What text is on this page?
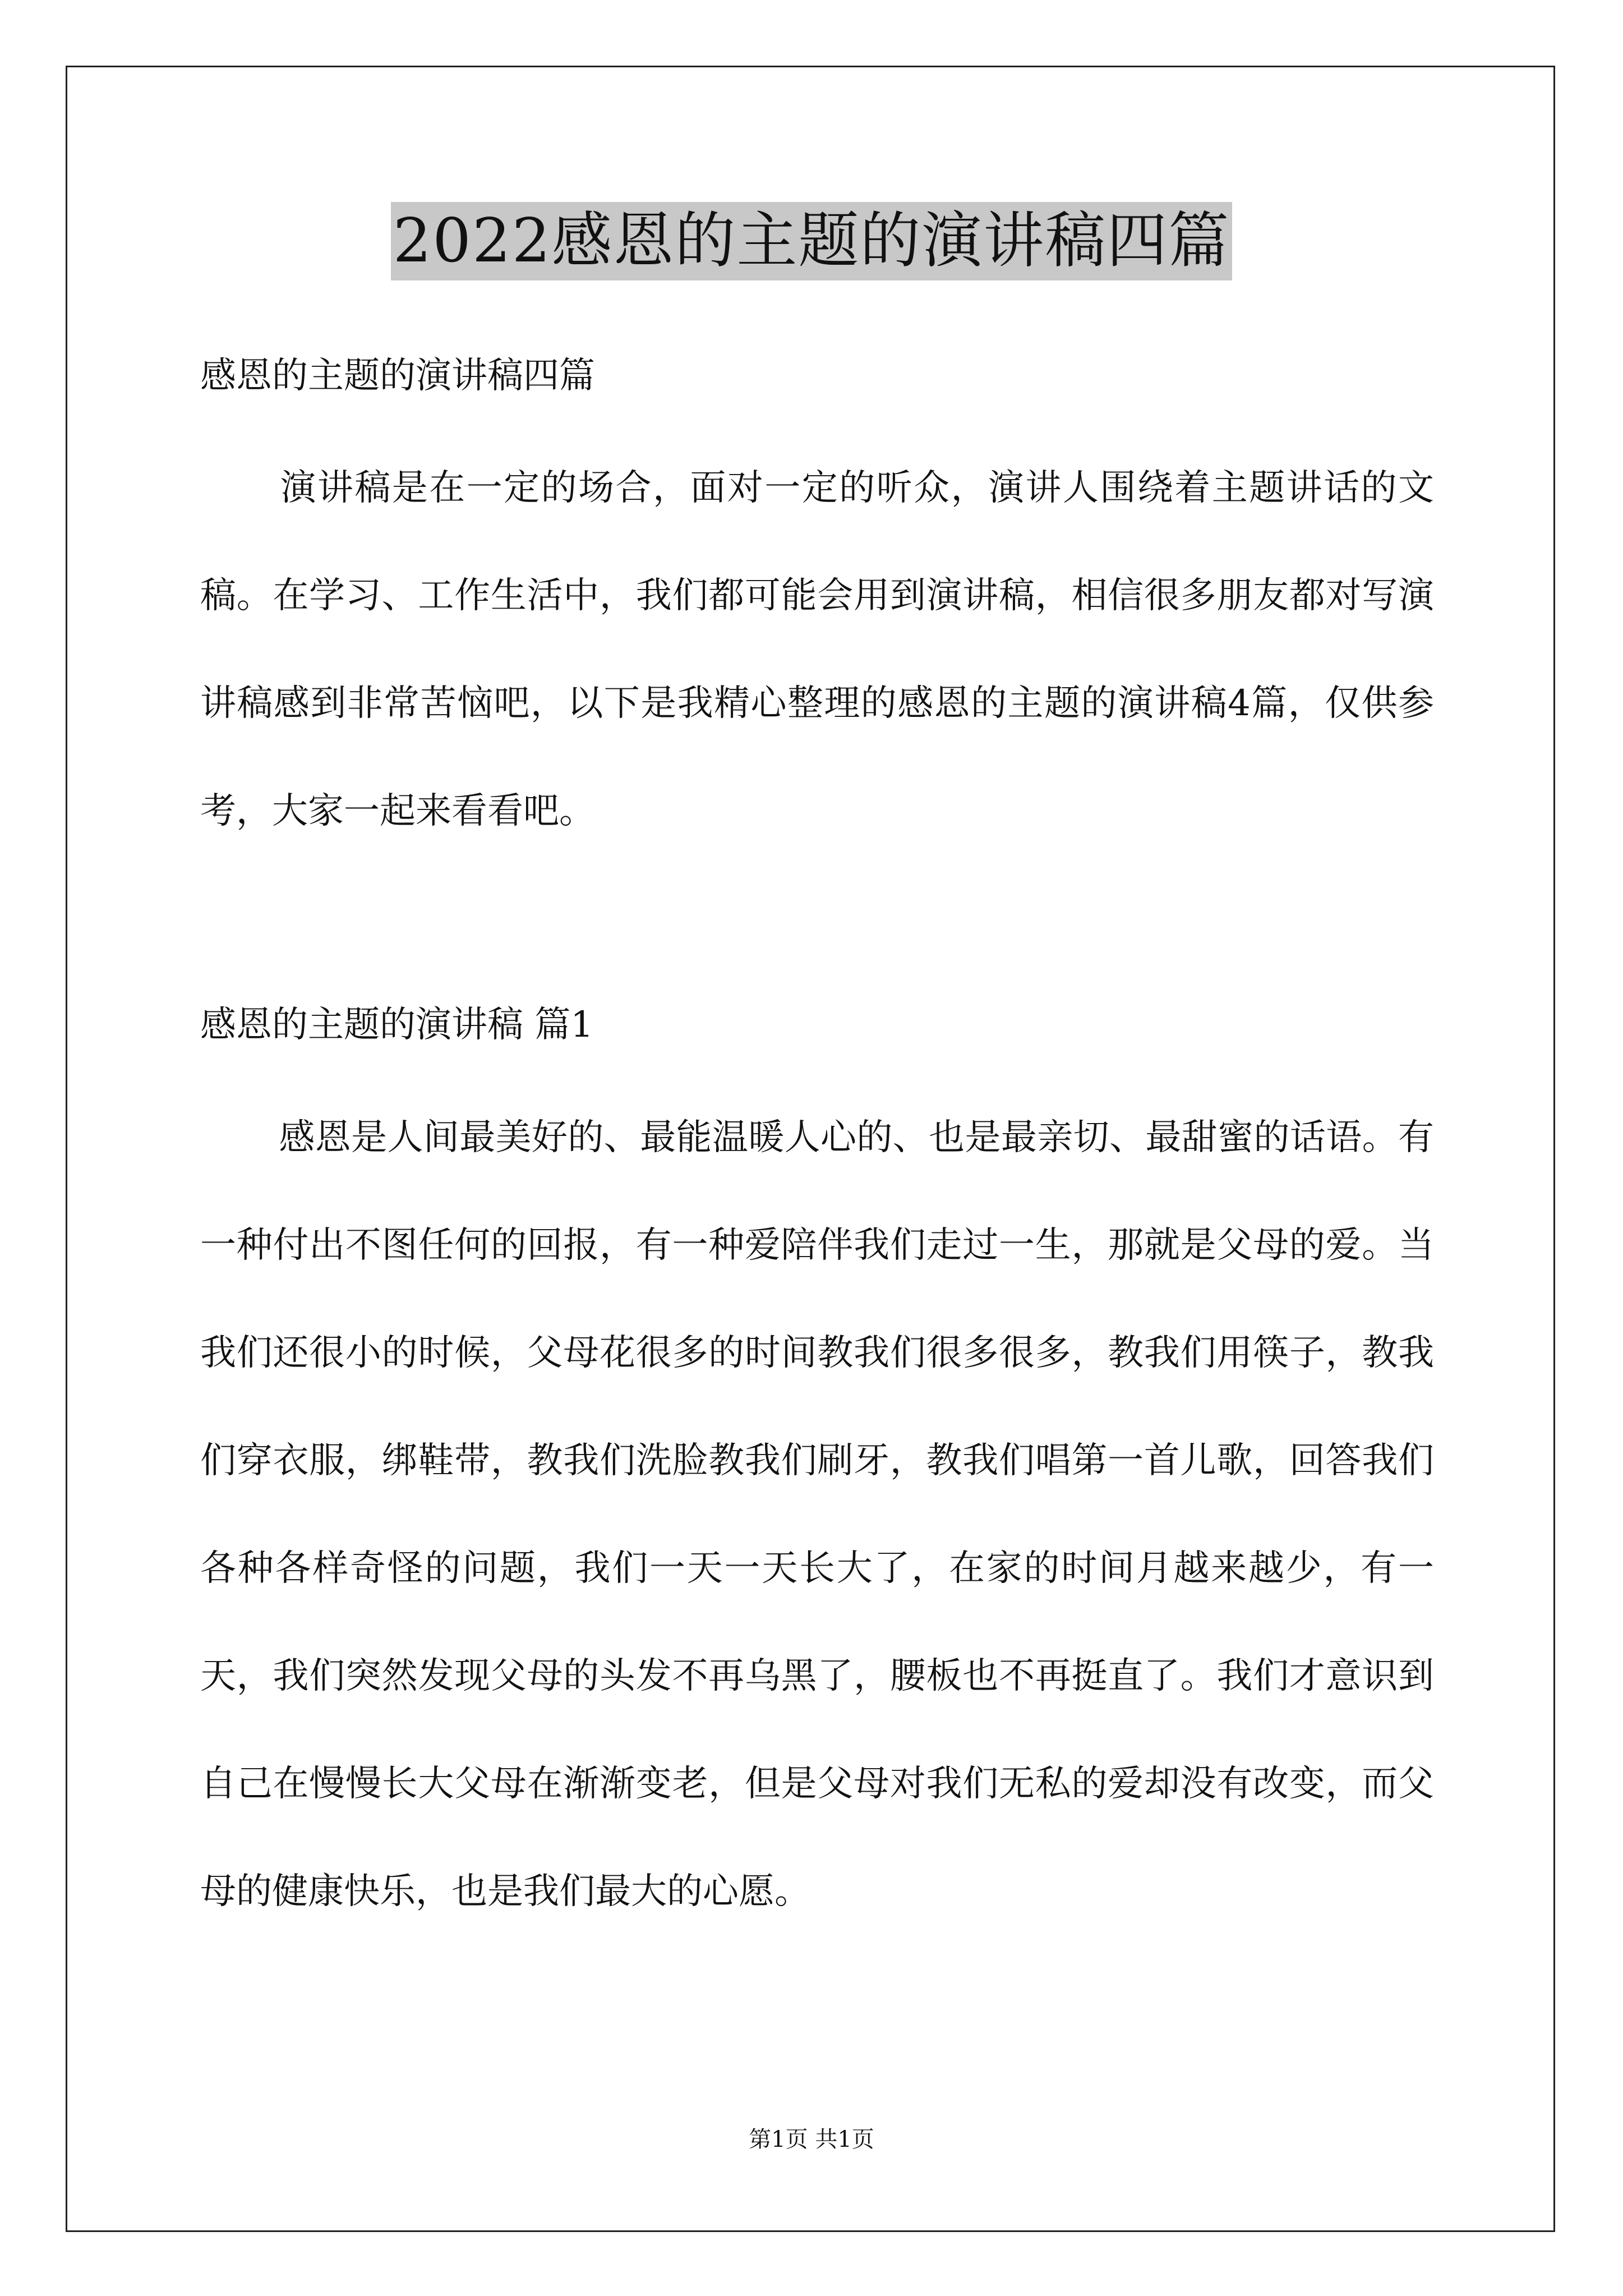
2022感恩的主题的演讲稿四篇
感恩的主题的演讲稿四篇
演讲稿是在一定的场合，面对一定的听众，演讲人围绕着主题讲话的文稿。在学习、工作生活中，我们都可能会用到演讲稿，相信很多朋友都对写演讲稿感到非常苦恼吧，以下是我精心整理的感恩的主题的演讲稿4篇，仅供参考，大家一起来看看吧。
感恩的主题的演讲稿 篇1
感恩是人间最美好的、最能温暖人心的、也是最亲切、最甜蜜的话语。有一种付出不图任何的回报，有一种爱陪伴我们走过一生，那就是父母的爱。当我们还很小的时候，父母花很多的时间教我们很多很多，教我们用筷子，教我们穿衣服，绑鞋带，教我们洗脸教我们刷牙，教我们唱第一首儿歌，回答我们各种各样奇怪的问题，我们一天一天长大了，在家的时间月越来越少，有一天，我们突然发现父母的头发不再乌黑了，腰板也不再挺直了。我们才意识到自己在慢慢长大父母在渐渐变老，但是父母对我们无私的爱却没有改变，而父母的健康快乐，也是我们最大的心愿。
第1页 共1页
